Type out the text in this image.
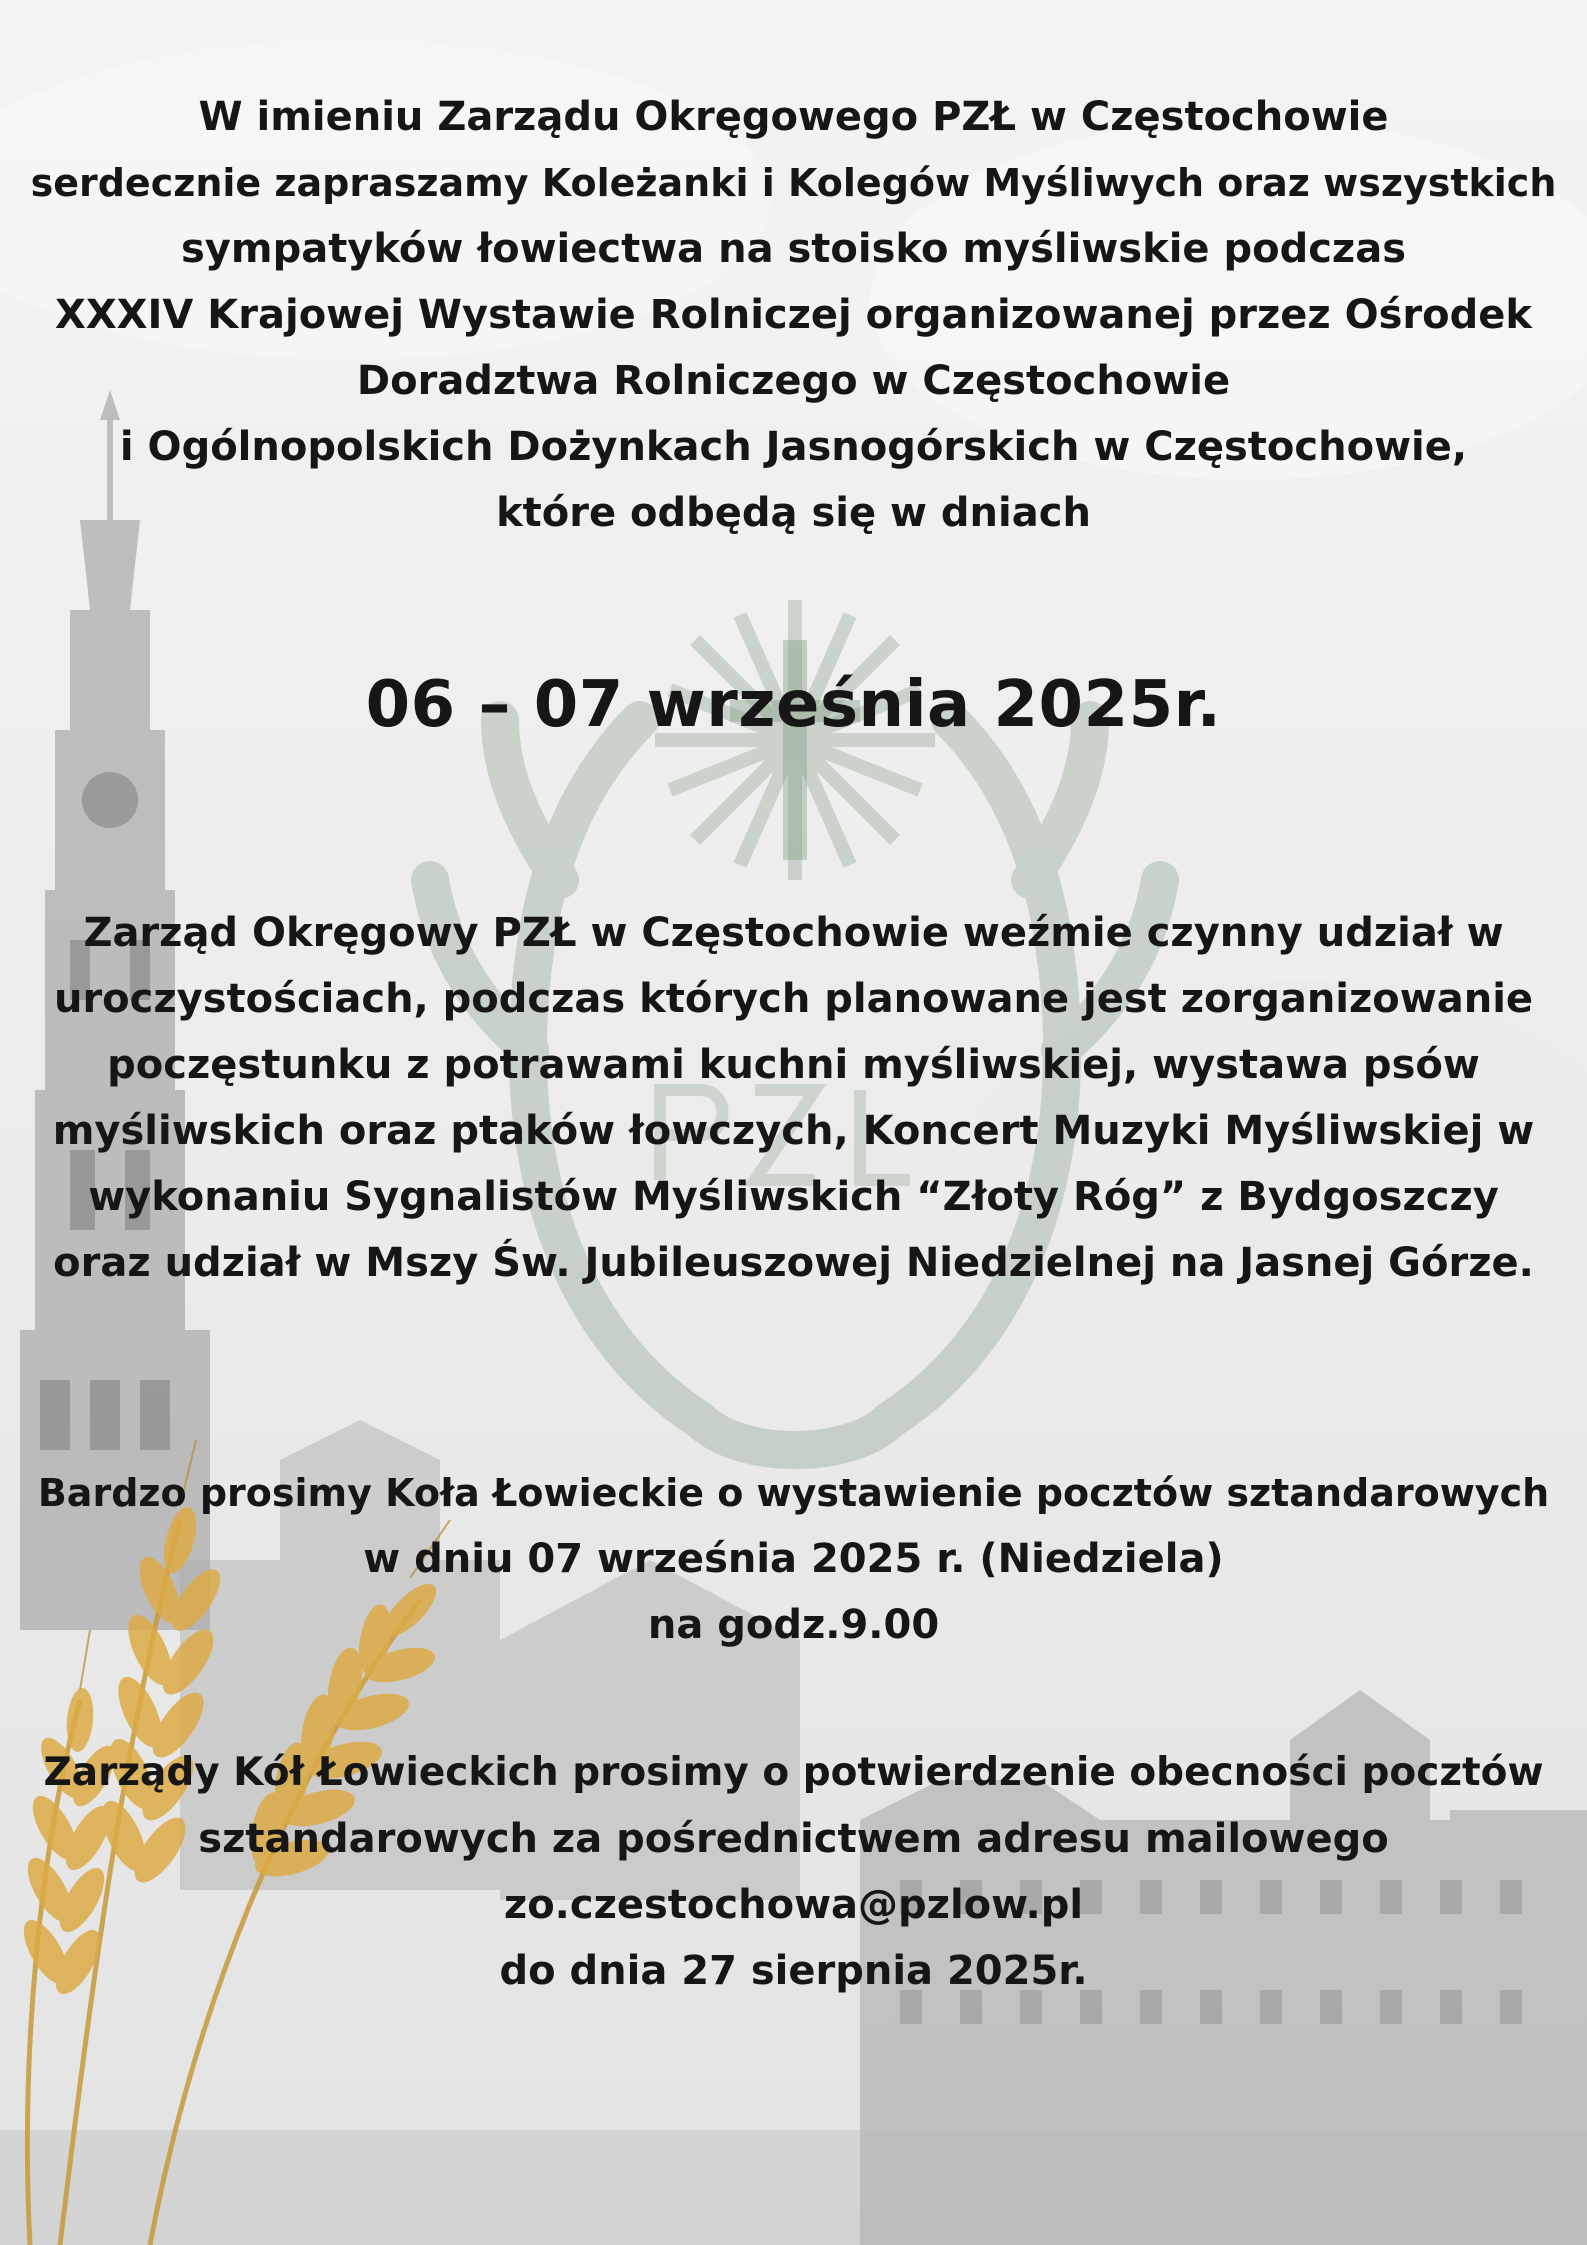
W imieniu Zarządu Okręgowego PZŁ w Częstochowie
serdecznie zapraszamy Koleżanki i Kolegów Myśliwych oraz wszystkich
sympatyków łowiectwa na stoisko myśliwskie podczas
XXXIV Krajowej Wystawie Rolniczej organizowanej przez Ośrodek
Doradztwa Rolniczego w Częstochowie
i Ogólnopolskich Dożynkach Jasnogórskich w Częstochowie,
które odbędą się w dniach
06 – 07 września 2025r.
Zarząd Okręgowy PZŁ w Częstochowie weźmie czynny udział w
uroczystościach, podczas których planowane jest zorganizowanie
poczęstunku z potrawami kuchni myśliwskiej, wystawa psów
myśliwskich oraz ptaków łowczych, Koncert Muzyki Myśliwskiej w
wykonaniu Sygnalistów Myśliwskich “Złoty Róg” z Bydgoszczy
oraz udział w Mszy Św. Jubileuszowej Niedzielnej na Jasnej Górze.
Bardzo prosimy Koła Łowieckie o wystawienie pocztów sztandarowych
w dniu 07 września 2025 r. (Niedziela)
na godz.9.00
Zarządy Kół Łowieckich prosimy o potwierdzenie obecności pocztów
sztandarowych za pośrednictwem adresu mailowego
zo.czestochowa@pzlow.pl
do dnia 27 sierpnia 2025r.
